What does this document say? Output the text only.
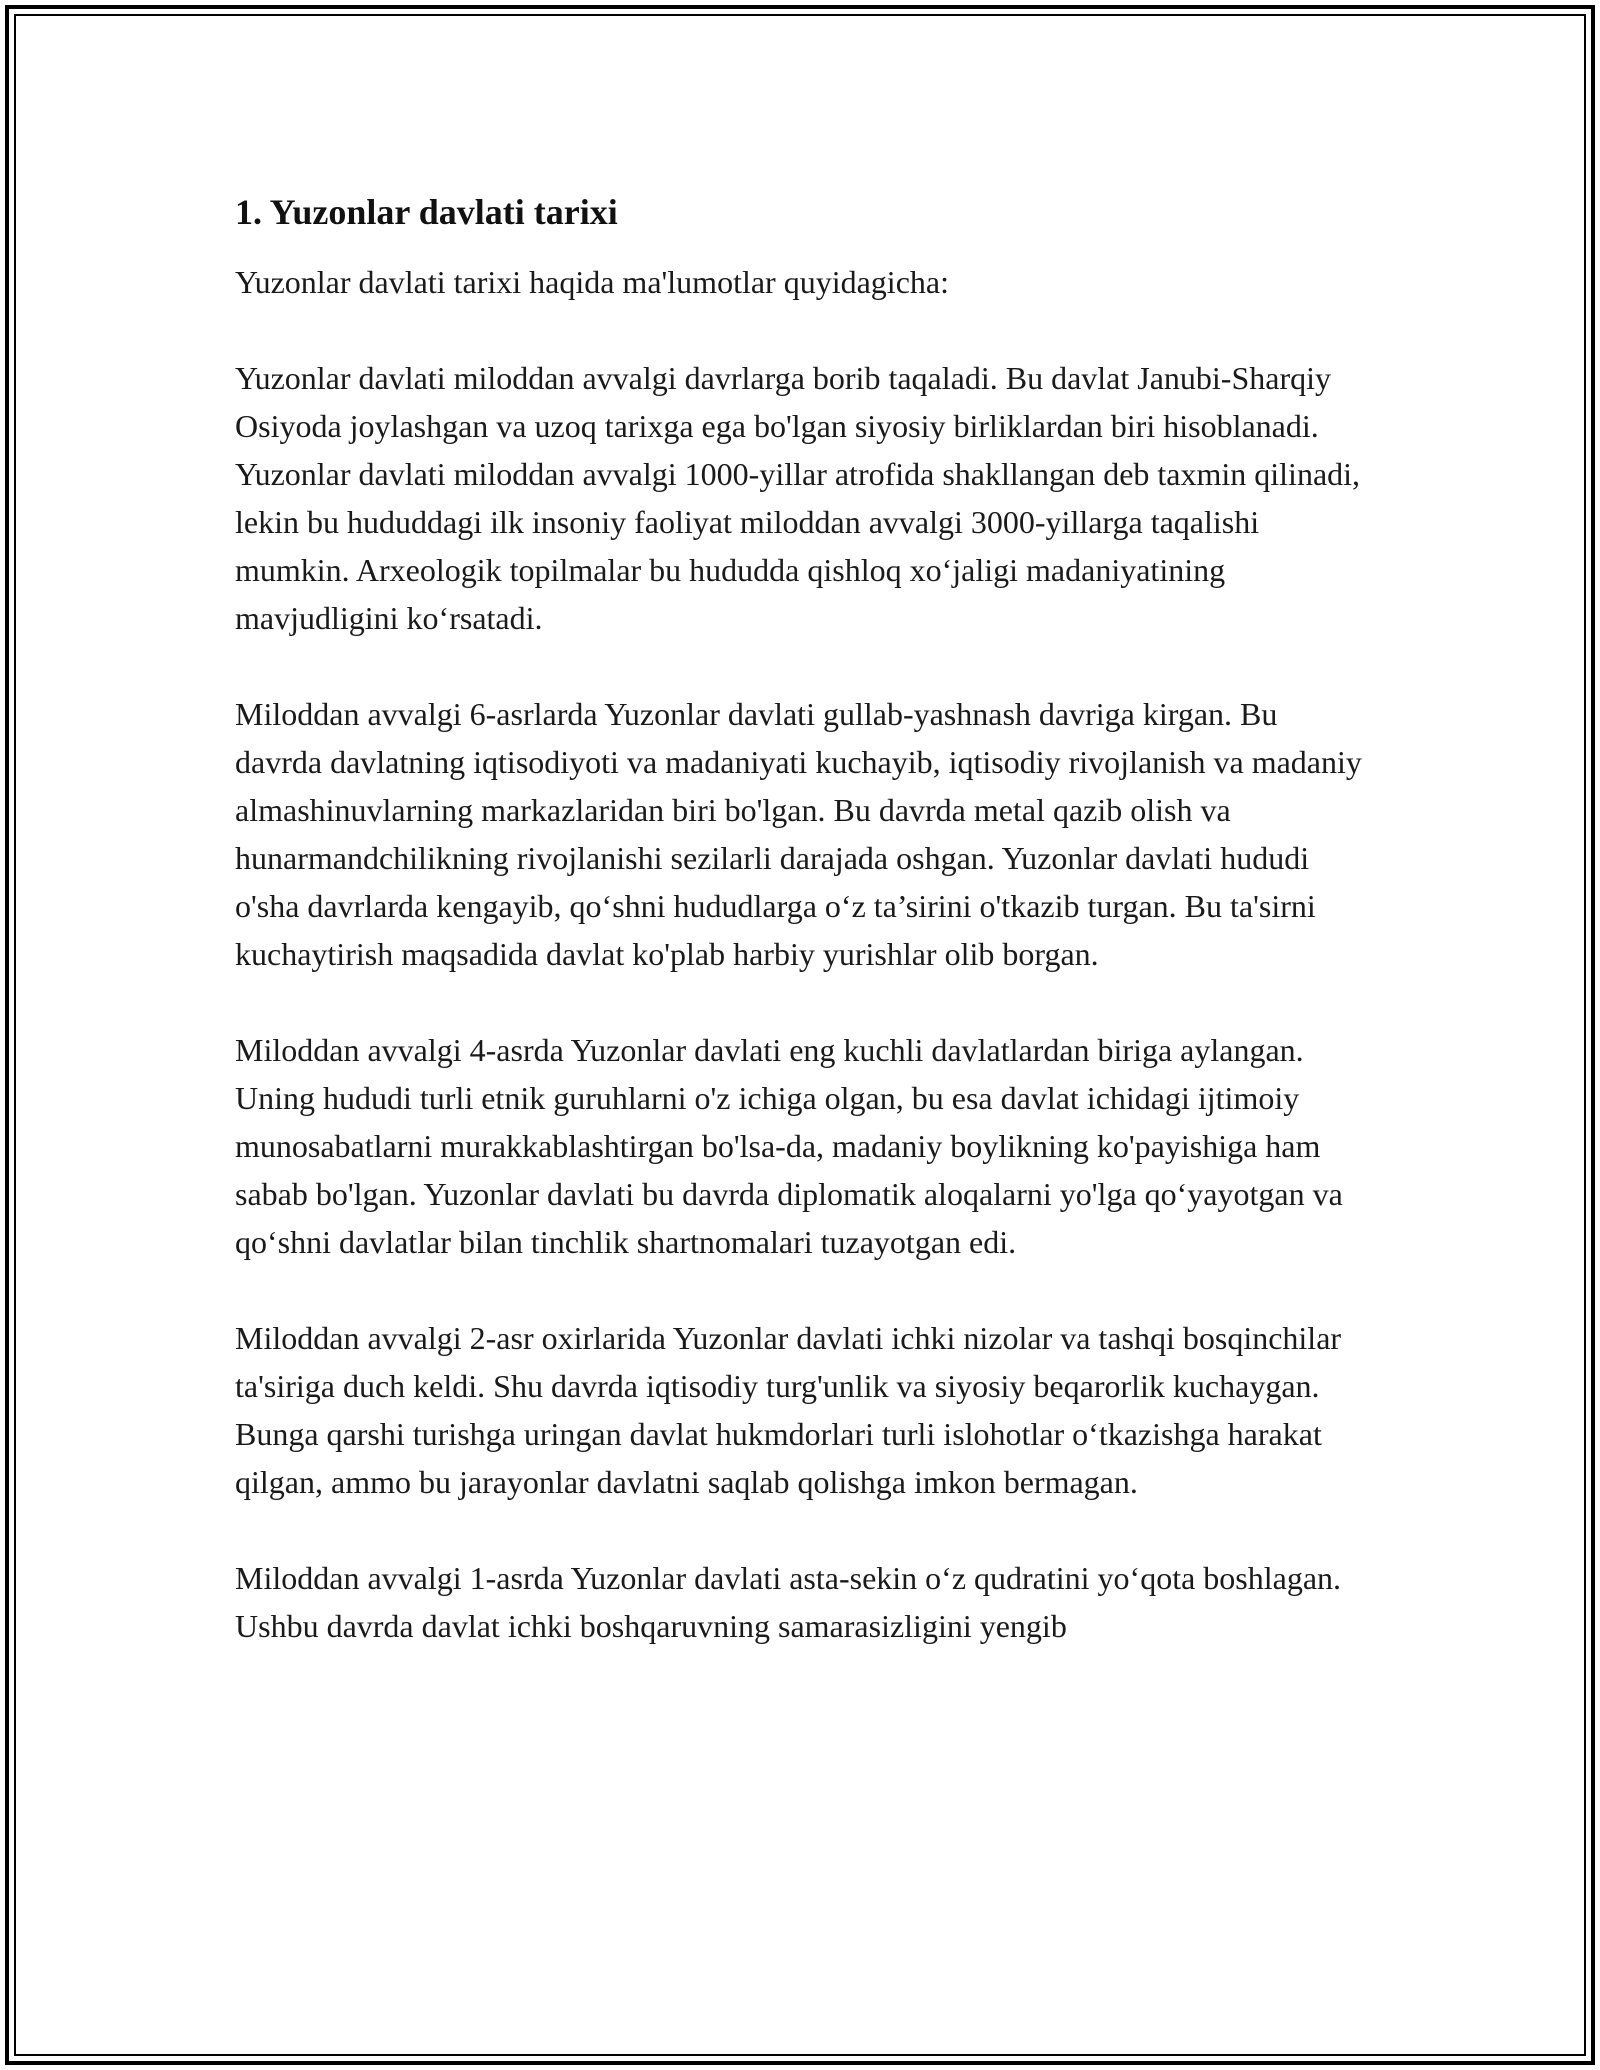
1. Yuzonlar davlati tarixi

Yuzonlar davlati tarixi haqida ma'lumotlar quyidagicha:

Yuzonlar davlati miloddan avvalgi davrlarga borib taqaladi. Bu davlat Janubi-Sharqiy Osiyoda joylashgan va uzoq tarixga ega bo'lgan siyosiy birliklardan biri hisoblanadi. Yuzonlar davlati miloddan avvalgi 1000-yillar atrofida shakllangan deb taxmin qilinadi, lekin bu hududdagi ilk insoniy faoliyat miloddan avvalgi 3000-yillarga taqalishi mumkin. Arxeologik topilmalar bu hududda qishloq xo‘jaligi madaniyatining mavjudligini ko‘rsatadi.

Miloddan avvalgi 6-asrlarda Yuzonlar davlati gullab-yashnash davriga kirgan. Bu davrda davlatning iqtisodiyoti va madaniyati kuchayib, iqtisodiy rivojlanish va madaniy almashinuvlarning markazlaridan biri bo'lgan. Bu davrda metal qazib olish va hunarmandchilikning rivojlanishi sezilarli darajada oshgan. Yuzonlar davlati hududi o'sha davrlarda kengayib, qo‘shni hududlarga o‘z ta’sirini o'tkazib turgan. Bu ta'sirni kuchaytirish maqsadida davlat ko'plab harbiy yurishlar olib borgan.

Miloddan avvalgi 4-asrda Yuzonlar davlati eng kuchli davlatlardan biriga aylangan. Uning hududi turli etnik guruhlarni o'z ichiga olgan, bu esa davlat ichidagi ijtimoiy munosabatlarni murakkablashtirgan bo'lsa-da, madaniy boylikning ko'payishiga ham sabab bo'lgan. Yuzonlar davlati bu davrda diplomatik aloqalarni yo'lga qo‘yayotgan va qo‘shni davlatlar bilan tinchlik shartnomalari tuzayotgan edi.

Miloddan avvalgi 2-asr oxirlarida Yuzonlar davlati ichki nizolar va tashqi bosqinchilar ta'siriga duch keldi. Shu davrda iqtisodiy turg'unlik va siyosiy beqarorlik kuchaygan. Bunga qarshi turishga uringan davlat hukmdorlari turli islohotlar o‘tkazishga harakat qilgan, ammo bu jarayonlar davlatni saqlab qolishga imkon bermagan.

Miloddan avvalgi 1-asrda Yuzonlar davlati asta-sekin o‘z qudratini yo‘qota boshlagan. Ushbu davrda davlat ichki boshqaruvning samarasizligini yengib
